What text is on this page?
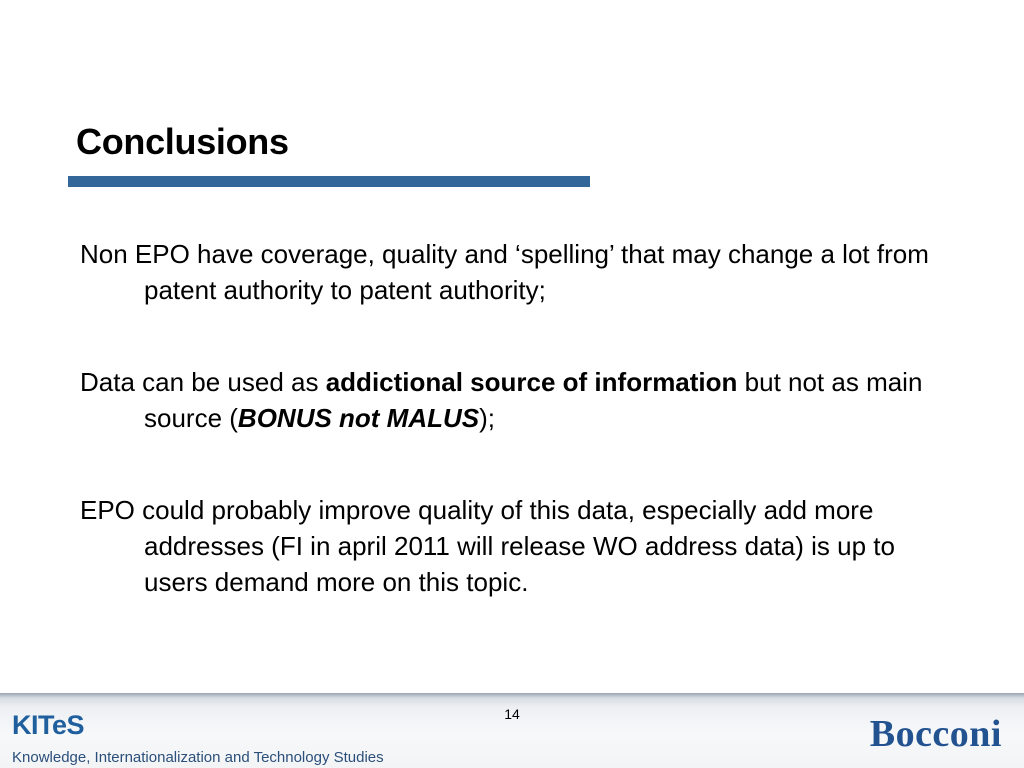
Conclusions
Non EPO have coverage, quality and ‘spelling’ that may change a lot from patent authority to patent authority;
Data can be used as addictional source of information but not as main source (BONUS not MALUS);
EPO could probably improve quality of this data, especially add more addresses (FI in april 2011 will release WO address data) is up to users demand more on this topic.
14
KITeS
Knowledge, Internationalization and Technology Studies
Bocconi
